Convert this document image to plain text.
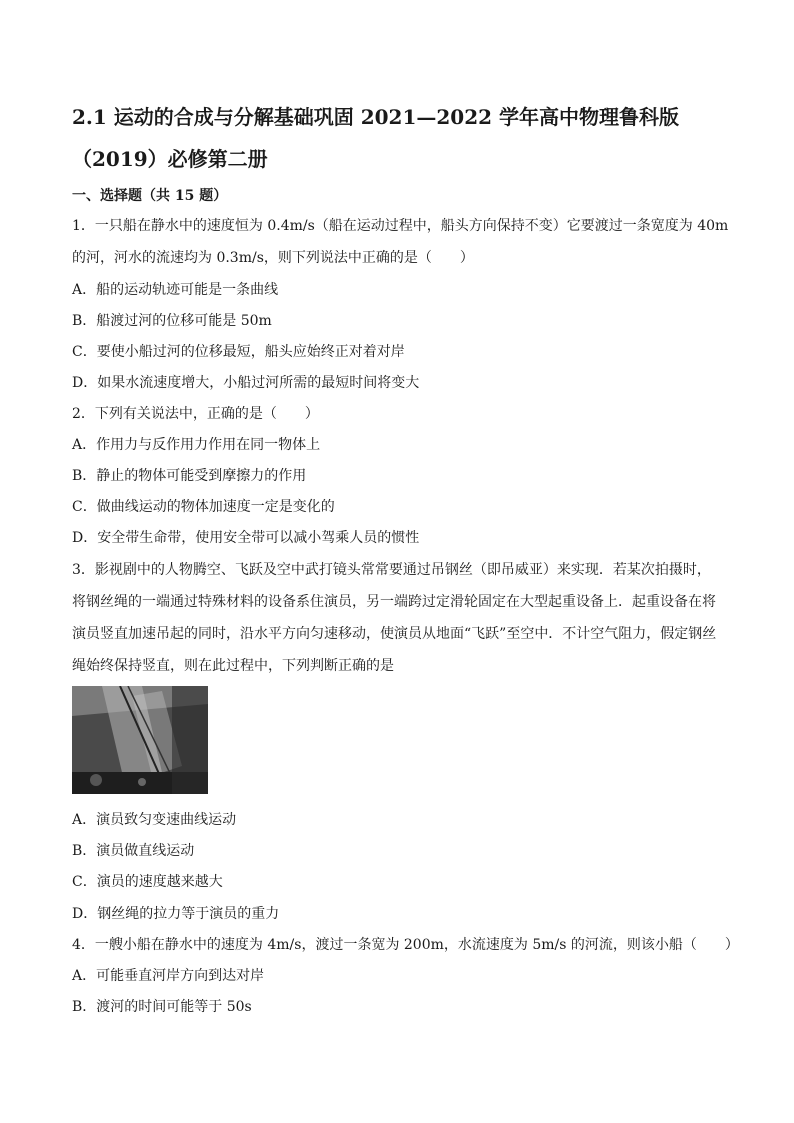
2.1 运动的合成与分解基础巩固 2021—2022 学年高中物理鲁科版
（2019）必修第二册
一、选择题（共 15 题）
1．一只船在静水中的速度恒为 0.4m/s（船在运动过程中，船头方向保持不变）它要渡过一条宽度为 40m
的河，河水的流速均为 0.3m/s，则下列说法中正确的是（　　）
A．船的运动轨迹可能是一条曲线
B．船渡过河的位移可能是 50m
C．要使小船过河的位移最短，船头应始终正对着对岸
D．如果水流速度增大，小船过河所需的最短时间将变大
2．下列有关说法中，正确的是（　　）
A．作用力与反作用力作用在同一物体上
B．静止的物体可能受到摩擦力的作用
C．做曲线运动的物体加速度一定是变化的
D．安全带生命带，使用安全带可以减小驾乘人员的惯性
3．影视剧中的人物腾空、飞跃及空中武打镜头常常要通过吊钢丝（即吊威亚）来实现．若某次拍摄时，
将钢丝绳的一端通过特殊材料的设备系住演员，另一端跨过定滑轮固定在大型起重设备上．起重设备在将
演员竖直加速吊起的同时，沿水平方向匀速移动，使演员从地面“飞跃”至空中．不计空气阻力，假定钢丝
绳始终保持竖直，则在此过程中，下列判断正确的是
A．演员致匀变速曲线运动
B．演员做直线运动
C．演员的速度越来越大
D．钢丝绳的拉力等于演员的重力
4．一艘小船在静水中的速度为 4m/s，渡过一条宽为 200m，水流速度为 5m/s 的河流，则该小船（　　）
A．可能垂直河岸方向到达对岸
B．渡河的时间可能等于 50s
